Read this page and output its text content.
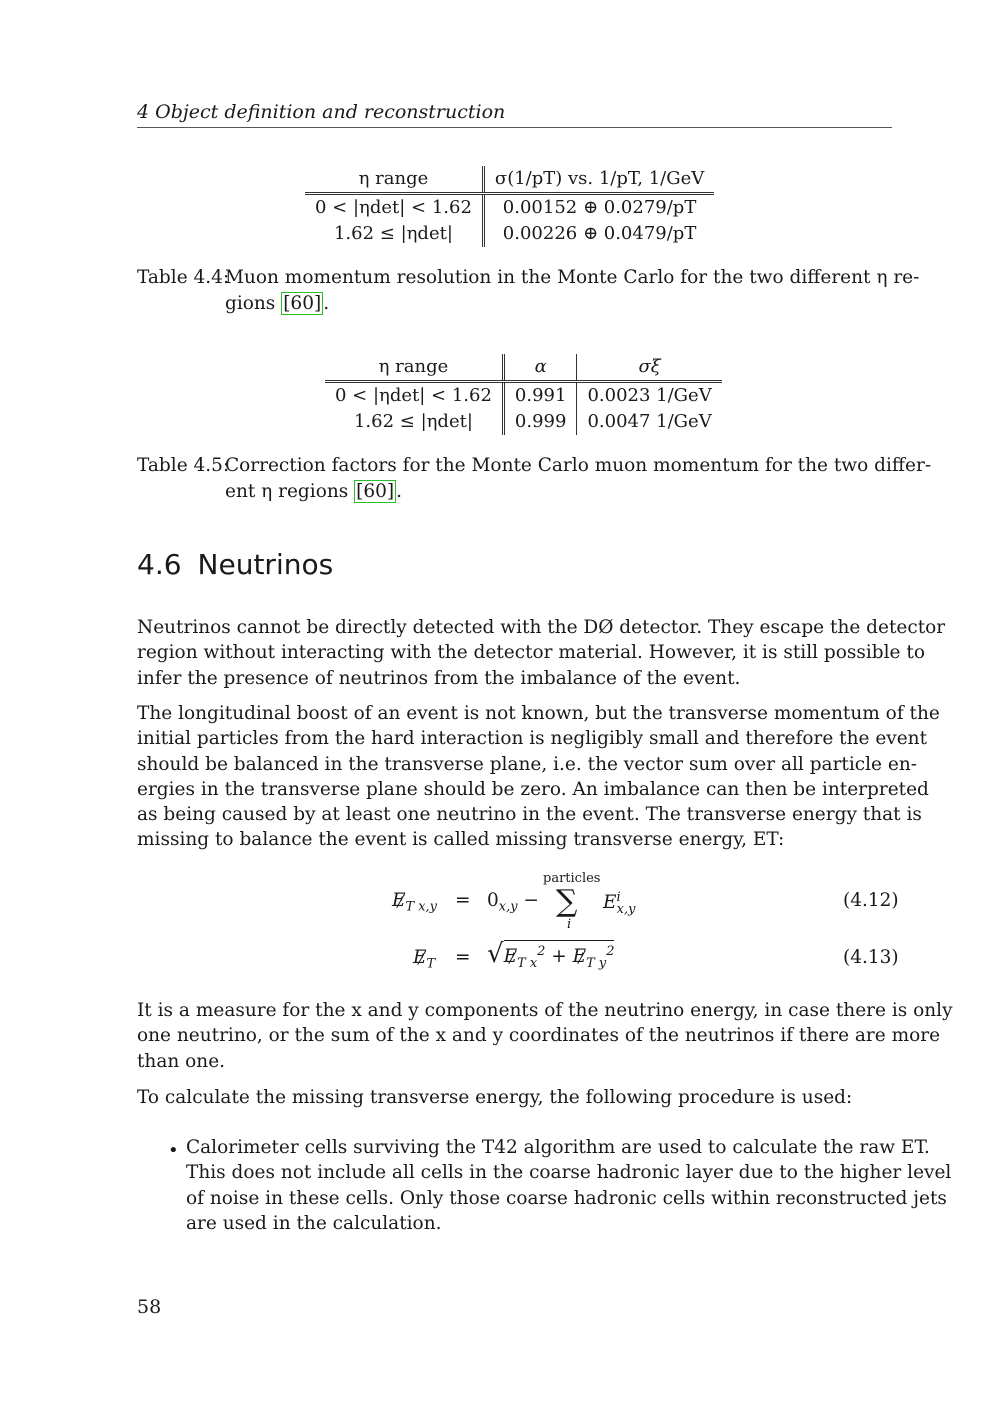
4 Object definition and reconstruction
η range	σ(1/pT) vs. 1/pT, 1/GeV
0 < |ηdet| < 1.62	0.00152 ⊕ 0.0279/pT
1.62 ≤ |ηdet|	0.00226 ⊕ 0.0479/pT
Table 4.4:
Muon momentum resolution in the Monte Carlo for the two different η re-
gions [60] .
η range	α	σξ
0 < |ηdet| < 1.62	0.991	0.0023 1/GeV
1.62 ≤ |ηdet|	0.999	0.0047 1/GeV
Table 4.5:
Correction factors for the Monte Carlo muon momentum for the two differ-
ent η regions [60] .
4.6 Neutrinos
Neutrinos cannot be directly detected with the DØ detector. They escape the detector
region without interacting with the detector material. However, it is still possible to
infer the presence of neutrinos from the imbalance of the event.
The longitudinal boost of an event is not known, but the transverse momentum of the
initial particles from the hard interaction is negligibly small and therefore the event
should be balanced in the transverse plane, i.e. the vector sum over all particle en-
ergies in the transverse plane should be zero. An imbalance can then be interpreted
as being caused by at least one neutrino in the event. The transverse energy that is
missing to balance the event is called missing transverse energy, ET:
$E_{T x,y} = 0_{x,y}$ −
particles
∑
i
$E^i_{x,y}$	(4.12)
$E_T = √E_{T x}^2 + E_{T y}^2$	(4.13)
It is a measure for the x and y components of the neutrino energy, in case there is only
one neutrino, or the sum of the x and y coordinates of the neutrinos if there are more
than one.
To calculate the missing transverse energy, the following procedure is used:
• Calorimeter cells surviving the T42 algorithm are used to calculate the raw ET.
This does not include all cells in the coarse hadronic layer due to the higher level
of noise in these cells. Only those coarse hadronic cells within reconstructed jets
are used in the calculation.
58
